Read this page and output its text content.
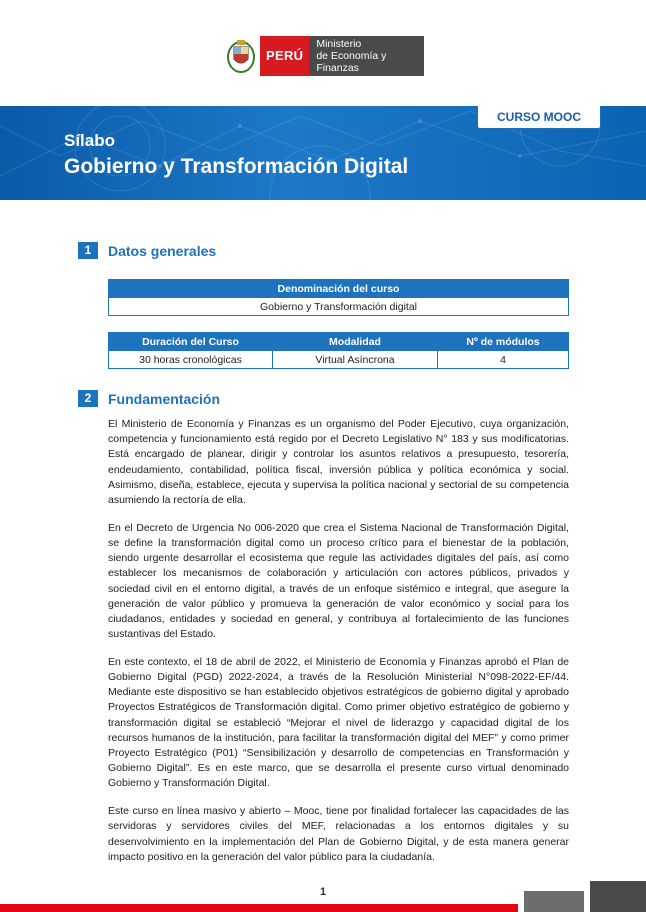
PERÚ
Ministerio
de Economía y Finanzas
Sílabo
Gobierno y Transformación Digital
CURSO MOOC
1	Datos generales
Denominación del curso
Gobierno y Transformación digital
Duración del Curso	Modalidad	Nº de módulos
30 horas cronológicas	Virtual Asíncrona	4
2	Fundamentación

El Ministerio de Economía y Finanzas es un organismo del Poder Ejecutivo, cuya organización, competencia y funcionamiento está regido por el Decreto Legislativo N° 183 y sus modificatorias. Está encargado de planear, dirigir y controlar los asuntos relativos a presupuesto, tesorería, endeudamiento, contabilidad, política fiscal, inversión pública y política económica y social. Asimismo, diseña, establece, ejecuta y supervisa la política nacional y sectorial de su competencia asumiendo la rectoría de ella.

En el Decreto de Urgencia No 006-2020 que crea el Sistema Nacional de Transformación Digital, se define la transformación digital como un proceso crítico para el bienestar de la población, siendo urgente desarrollar el ecosistema que regule las actividades digitales del país, así como establecer los mecanismos de colaboración y articulación con actores públicos, privados y sociedad civil en el entorno digital, a través de un enfoque sistémico e integral, que asegure la generación de valor público y promueva la generación de valor económico y social para los ciudadanos, entidades y sociedad en general, y contribuya al fortalecimiento de las funciones sustantivas del Estado.

En este contexto, el 18 de abril de 2022, el Ministerio de Economía y Finanzas aprobó el Plan de Gobierno Digital (PGD) 2022-2024, a través de la Resolución Ministerial N°098-2022-EF/44. Mediante este dispositivo se han establecido objetivos estratégicos de gobierno digital y aprobado Proyectos Estratégicos de Transformación digital. Como primer objetivo estratégico de gobierno y transformación digital se estableció “Mejorar el nivel de liderazgo y capacidad digital de los recursos humanos de la institución, para facilitar la transformación digital del MEF” y como primer Proyecto Estratégico (P01) “Sensibilización y desarrollo de competencias en Transformación y Gobierno Digital”. Es en este marco, que se desarrolla el presente curso virtual denominado Gobierno y Transformación Digital.

Este curso en línea masivo y abierto – Mooc, tiene por finalidad fortalecer las capacidades de las servidoras y servidores civiles del MEF, relacionadas a los entornos digitales y su desenvolvimiento en la implementación del Plan de Gobierno Digital, y de esta manera generar impacto positivo en la generación del valor público para la ciudadanía.

1
